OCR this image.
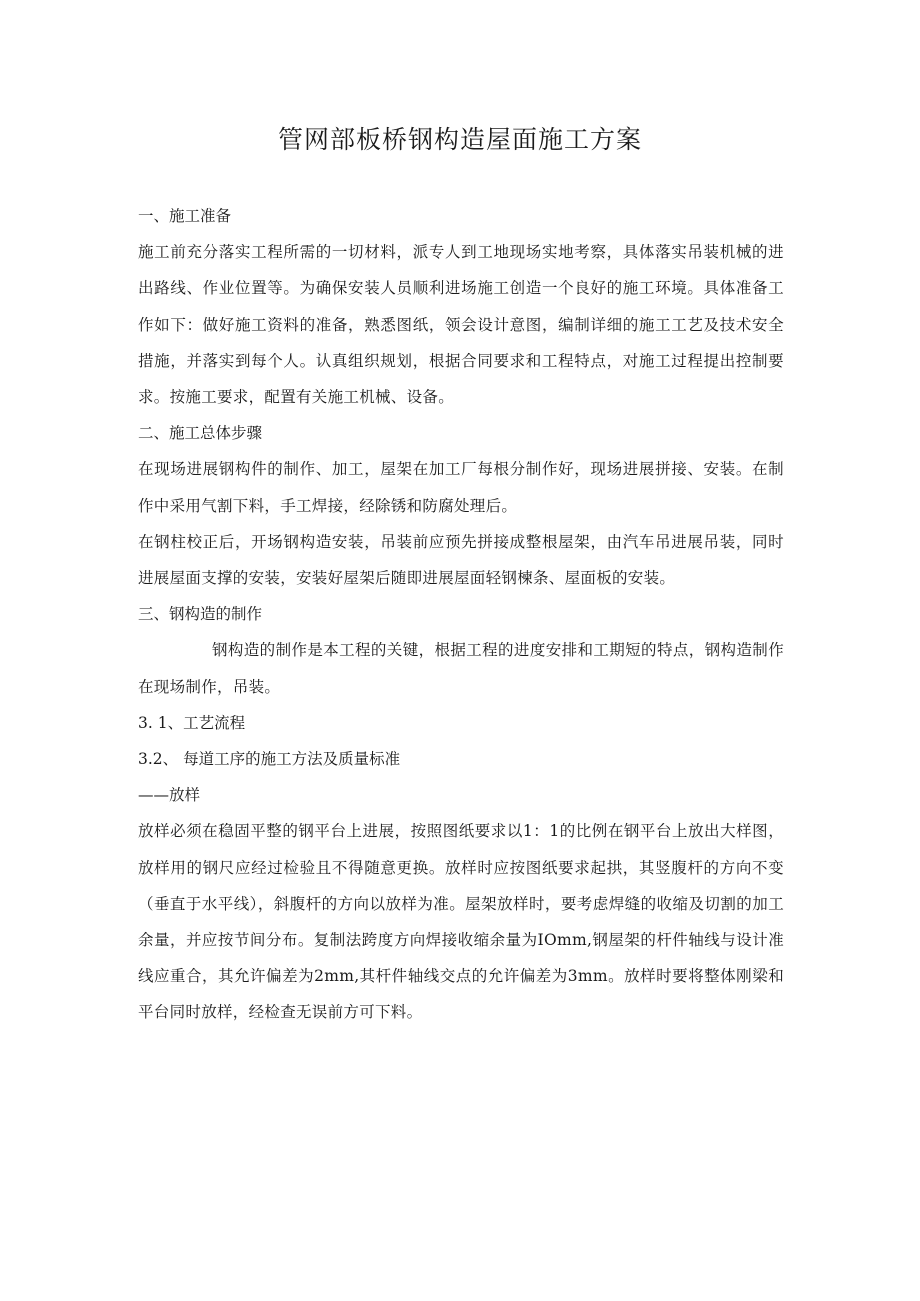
管网部板桥钢构造屋面施工方案
一、施工准备
施工前充分落实工程所需的一切材料，派专人到工地现场实地考察，具体落实吊装机械的进出路线、作业位置等。为确保安装人员顺利进场施工创造一个良好的施工环境。具体准备工作如下：做好施工资料的准备，熟悉图纸，领会设计意图，编制详细的施工工艺及技术安全措施，并落实到每个人。认真组织规划，根据合同要求和工程特点，对施工过程提出控制要求。按施工要求，配置有关施工机械、设备。
二、施工总体步骤
在现场进展钢构件的制作、加工，屋架在加工厂每根分制作好，现场进展拼接、安装。在制作中采用气割下料，手工焊接，经除锈和防腐处理后。
在钢柱校正后，开场钢构造安装，吊装前应预先拼接成整根屋架，由汽车吊进展吊装，同时进展屋面支撑的安装，安装好屋架后随即进展屋面轻钢楝条、屋面板的安装。
三、钢构造的制作
钢构造的制作是本工程的关键，根据工程的进度安排和工期短的特点，钢构造制作在现场制作，吊装。
3. 1、工艺流程
3.2、 每道工序的施工方法及质量标准
——放样
放样必须在稳固平整的钢平台上进展，按照图纸要求以1：1的比例在钢平台上放出大样图，放样用的钢尺应经过检验且不得随意更换。放样时应按图纸要求起拱，其竖腹杆的方向不变（垂直于水平线），斜腹杆的方向以放样为准。屋架放样时，要考虑焊缝的收缩及切割的加工余量，并应按节间分布。复制法跨度方向焊接收缩余量为IOmm,钢屋架的杆件轴线与设计准线应重合，其允许偏差为2mm,其杆件轴线交点的允许偏差为3mm。放样时要将整体刚梁和平台同时放样，经检查无误前方可下料。
